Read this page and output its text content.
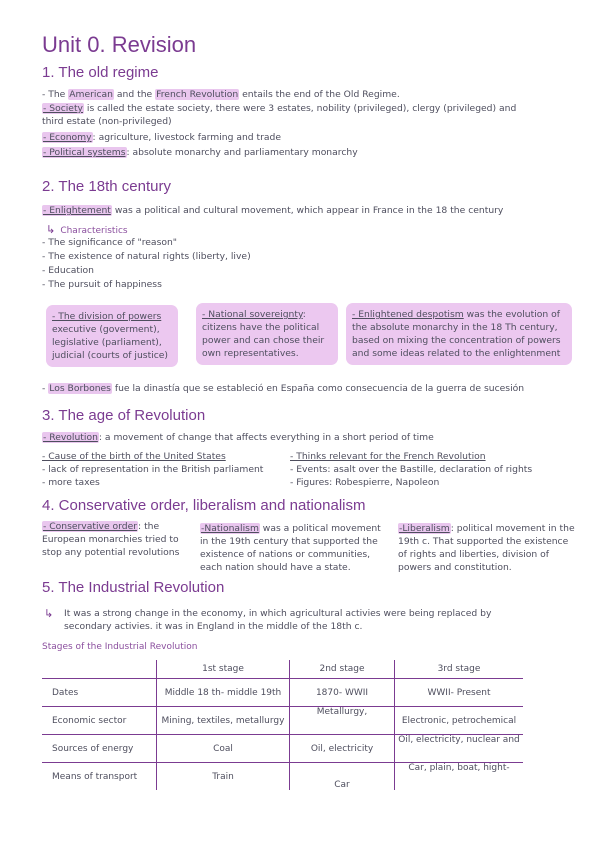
Unit 0. Revision
1. The old regime
- The American and the French Revolution entails the end of the Old Regime.
- Society is called the estate society, there were 3 estates, nobility (privileged), clergy (privileged) and
third estate (non-privileged)
- Economy: agriculture, livestock farming and trade
- Political systems: absolute monarchy and parliamentary monarchy
2. The 18th century
- Enlightement was a political and cultural movement, which appear in France in the 18 the century
↳ Characteristics
- The significance of "reason"
- The existence of natural rights (liberty, live)
- Education
- The pursuit of happiness
- The division of powers
executive (goverment), legislative (parliament), judicial (courts of justice)
- National sovereignty: citizens have the political power and can chose their own representatives.
- Enlightened despotism was the evolution of the absolute monarchy in the 18 Th century, based on mixing the concentration of powers and some ideas related to the enlightenment
- Los Borbones fue la dinastía que se estableció en España como consecuencia de la guerra de sucesión
3. The age of Revolution
- Revolution: a movement of change that affects everything in a short period of time
- Cause of the birth of the United States
- lack of representation in the British parliament
- more taxes
- Thinks relevant for the French Revolution
- Events: asalt over the Bastille, declaration of rights
- Figures: Robespierre, Napoleon
4. Conservative order, liberalism and nationalism
- Conservative order: the European monarchies tried to stop any potential revolutions
-Nationalism was a political movement in the 19th century that supported the existence of nations or communities, each nation should have a state.
-Liberalism: political movement in the 19th c. That supported the existence of rights and liberties, division of powers and constitution.
5. The Industrial Revolution
↳ It was a strong change in the economy, in which agricultural activies were being replaced by
secondary activies. it was in England in the middle of the 18th c.
Stages of the Industrial Revolution
	1st stage	2nd stage	3rd stage
Dates	Middle 18 th- middle 19th	1870- WWII	WWII- Present
Economic sector	Mining, textiles, metallurgy	Metallurgy,	Electronic, petrochemical
Sources of energy	Coal	Oil, electricity	Oil, electricity, nuclear and
Means of transport	Train	Car	Car, plain, boat, hight-
